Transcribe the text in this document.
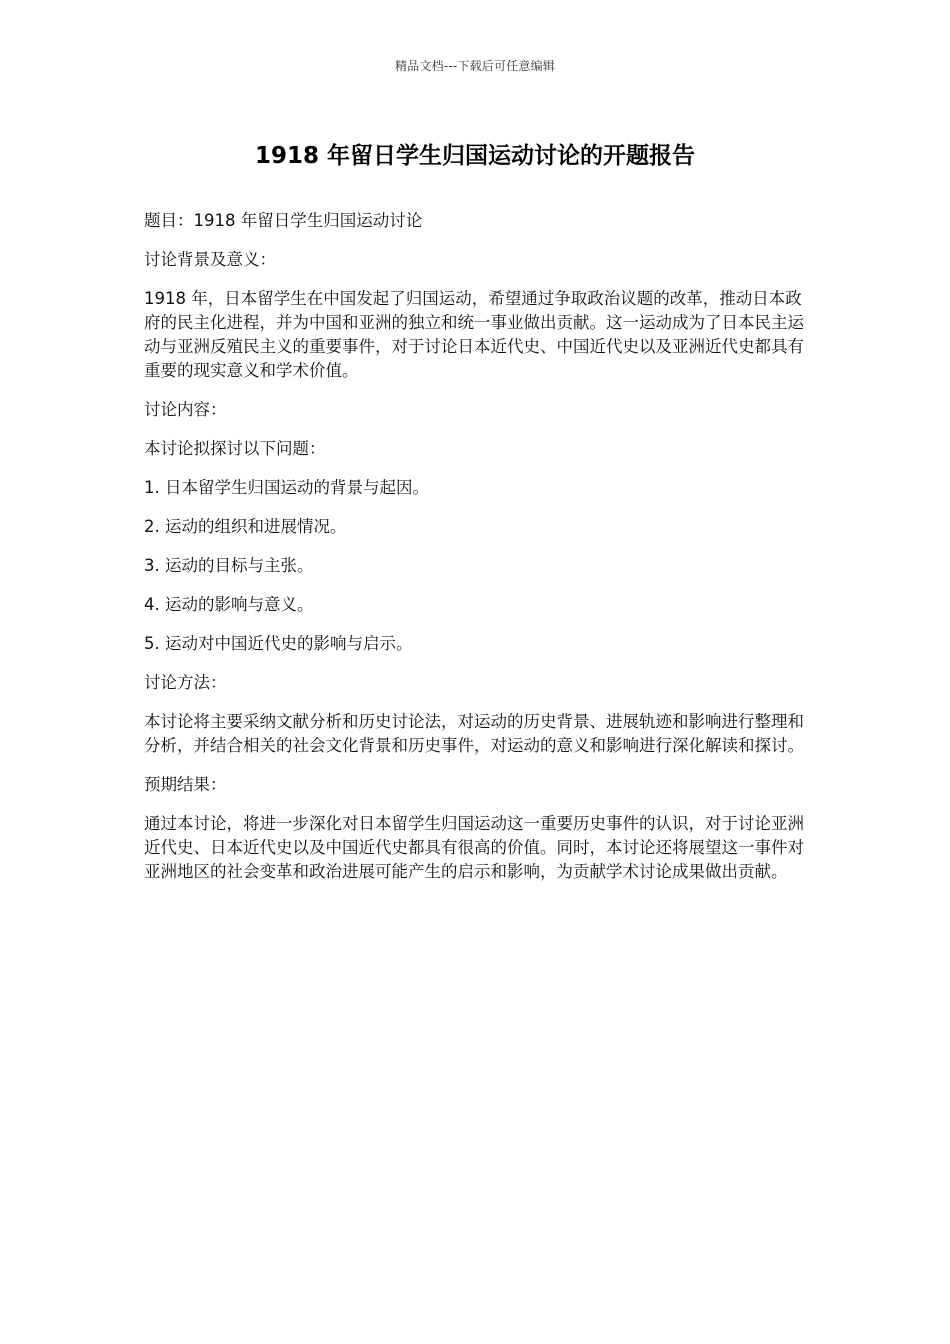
精品文档---下载后可任意编辑
1918 年留日学生归国运动讨论的开题报告

题目：1918 年留日学生归国运动讨论

讨论背景及意义：

1918 年，日本留学生在中国发起了归国运动，希望通过争取政治议题的改革，推动日本政府的民主化进程，并为中国和亚洲的独立和统一事业做出贡献。这一运动成为了日本民主运动与亚洲反殖民主义的重要事件，对于讨论日本近代史、中国近代史以及亚洲近代史都具有重要的现实意义和学术价值。

讨论内容：

本讨论拟探讨以下问题：

1. 日本留学生归国运动的背景与起因。

2. 运动的组织和进展情况。

3. 运动的目标与主张。

4. 运动的影响与意义。

5. 运动对中国近代史的影响与启示。

讨论方法：

本讨论将主要采纳文献分析和历史讨论法，对运动的历史背景、进展轨迹和影响进行整理和分析，并结合相关的社会文化背景和历史事件，对运动的意义和影响进行深化解读和探讨。

预期结果：

通过本讨论，将进一步深化对日本留学生归国运动这一重要历史事件的认识，对于讨论亚洲近代史、日本近代史以及中国近代史都具有很高的价值。同时，本讨论还将展望这一事件对亚洲地区的社会变革和政治进展可能产生的启示和影响，为贡献学术讨论成果做出贡献。
